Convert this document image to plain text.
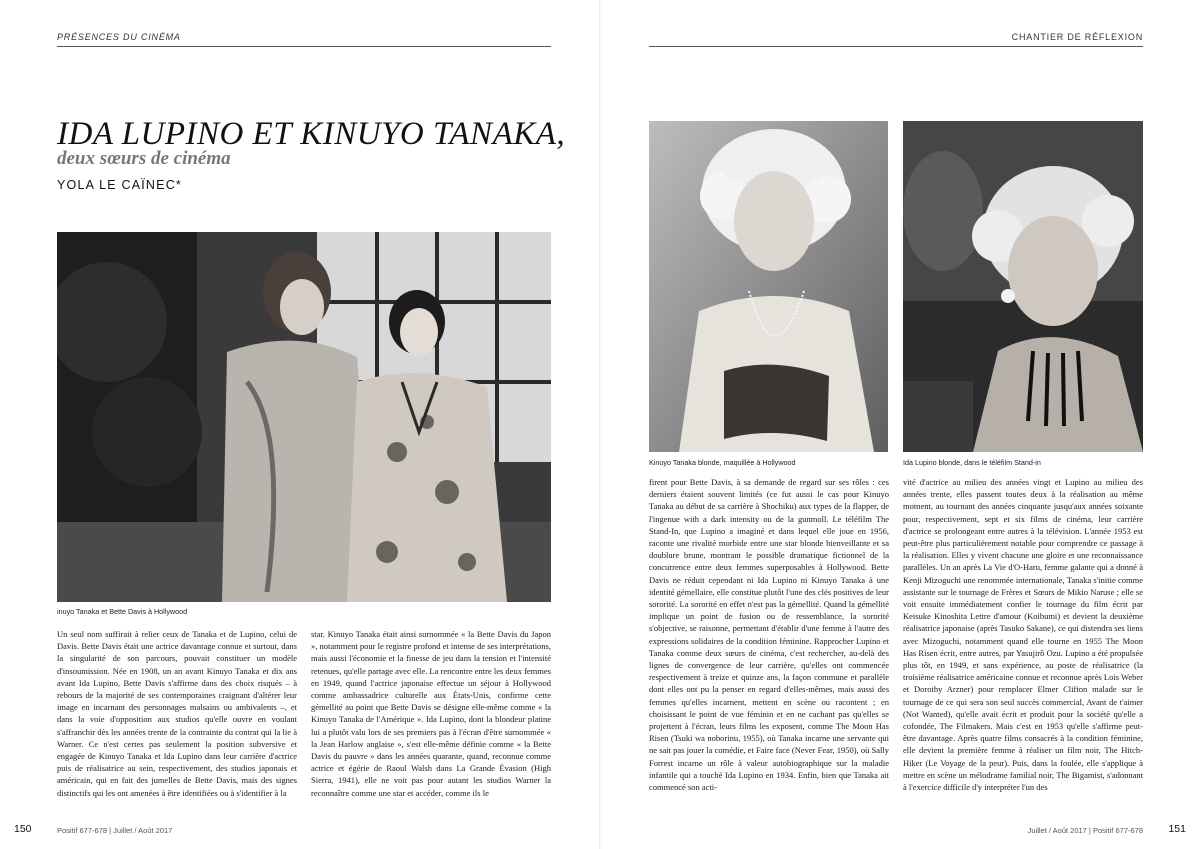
PRÉSENCES DU CINÉMA
IDA LUPINO ET KINUYO TANAKA,
deux sœurs de cinéma
YOLA LE CAÏNEC*
inuyo Tanaka et Bette Davis à Hollywood

Un seul nom suffirait à relier ceux de Tanaka et de Lupino, celui de Davis. Bette Davis était une actrice davantage connue et surtout, dans la singularité de son parcours, pouvait constituer un modèle d'insoumission. Née en 1908, un an avant Kinuyo Tanaka et dix ans avant Ida Lupino, Bette Davis s'affirme dans des choix risqués – à rebours de la majorité de ses contemporaines craignant d'altérer leur image en incarnant des personnages malsains ou ambivalents –, et dans la voie d'opposition aux studios qu'elle ouvre en voulant s'affranchir dès les années trente de la contrainte du contrat qui la lie à Warner. Ce n'est certes pas seulement la position subversive et engagée de Kinuyo Tanaka et Ida Lupino dans leur carrière d'actrice puis de réalisatrice au sein, respectivement, des studios japonais et américain, qui en fait des jumelles de Bette Davis, mais des signes distinctifs qui les ont amenées à être identifiées ou à s'identifier à la

star. Kinuyo Tanaka était ainsi surnommée « la Bette Davis du Japon », notamment pour le registre profond et intense de ses interprétations, mais aussi l'économie et la finesse de jeu dans la tension et l'intensité retenues, qu'elle partage avec elle. La rencontre entre les deux femmes en 1949, quand l'actrice japonaise effectue un séjour à Hollywood comme ambassadrice culturelle aux États-Unis, confirme cette gémellité au point que Bette Davis se désigne elle-même comme « la Kinuyo Tanaka de l'Amérique ». Ida Lupino, dont la blondeur platine lui a plutôt valu lors de ses premiers pas à l'écran d'être surnommée « la Jean Harlow anglaise », s'est elle-même définie comme « la Bette Davis du pauvre » dans les années quarante, quand, reconnue comme actrice et égérie de Raoul Walsh dans La Grande Évasion (High Sierra, 1941), elle ne voit pas pour autant les studios Warner la reconnaître comme une star et accéder, comme ils le

150	Positif 677-678 | Juillet / Août 2017
CHANTIER DE RÉFLEXION
Kinuyo Tanaka blonde, maquillée à Hollywood	Ida Lupino blonde, dans le téléfilm Stand-in

firent pour Bette Davis, à sa demande de regard sur ses rôles : ces derniers étaient souvent limités (ce fut aussi le cas pour Kinuyo Tanaka au début de sa carrière à Shochiku) aux types de la flapper, de l'ingenue with a dark intensity ou de la gunmoll. Le téléfilm The Stand-In, que Lupino a imaginé et dans lequel elle joue en 1956, raconte une rivalité morbide entre une star blonde bienveillante et sa doublure brune, montrant le possible dramatique fictionnel de la concurrence entre deux femmes superposables à Hollywood. Bette Davis ne réduit cependant ni Ida Lupino ni Kinuyo Tanaka à une identité gémellaire, elle constitue plutôt l'une des clés positives de leur sororité. La sororité en effet n'est pas la gémellité. Quand la gémellité implique un point de fusion ou de ressemblance, la sororité s'objective, se raisonne, permettant d'établir d'une femme à l'autre des expressions solidaires de la condition féminine. Rapprocher Lupino et Tanaka comme deux sœurs de cinéma, c'est rechercher, au-delà des lignes de convergence de leur carrière, qu'elles ont commencée respectivement à treize et quinze ans, la façon commune et parallèle dont elles ont pu la penser en regard d'elles-mêmes, mais aussi des femmes qu'elles incarnent, mettent en scène ou racontent ; en choisissant le point de vue féminin et en ne cachant pas qu'elles se projettent à l'écran, leurs films les exposent, comme The Moon Has Risen (Tsuki wa noborinu, 1955), où Tanaka incarne une servante qui ne sait pas jouer la comédie, et Faire face (Never Fear, 1950), où Sally Forrest incarne un rôle à valeur autobiographique sur la maladie infantile qui a touché Ida Lupino en 1934. Enfin, bien que Tanaka ait commencé son acti-

vité d'actrice au milieu des années vingt et Lupino au milieu des années trente, elles passent toutes deux à la réalisation au même moment, au tournant des années cinquante jusqu'aux années soixante pour, respectivement, sept et six films de cinéma, leur carrière d'actrice se prolongeant entre autres à la télévision. L'année 1953 est peut-être plus particulièrement notable pour comprendre ce passage à la réalisation. Elles y vivent chacune une gloire et une reconnaissance parallèles. Un an après La Vie d'O-Haru, femme galante qui a donné à Kenji Mizoguchi une renommée internationale, Tanaka s'initie comme assistante sur le tournage de Frères et Sœurs de Mikio Naruse ; elle se voit ensuite immédiatement confier le tournage du film écrit par Keisuke Kinoshita Lettre d'amour (Koibumi) et devient la deuxième réalisatrice japonaise (après Tasuko Sakane), ce qui distendra ses liens avec Mizoguchi, notamment quand elle tourne en 1955 The Moon Has Risen écrit, entre autres, par Yasujirô Ozu. Lupino a été propulsée plus tôt, en 1949, et sans expérience, au poste de réalisatrice (la troisième réalisatrice américaine connue et reconnue après Lois Weber et Dorothy Arzner) pour remplacer Elmer Clifton malade sur le tournage de ce qui sera son seul succès commercial, Avant de t'aimer (Not Wanted), qu'elle avait écrit et produit pour la société qu'elle a cofondée, The Filmakers. Mais c'est en 1953 qu'elle s'affirme peut-être davantage. Après quatre films consacrés à la condition féminine, elle devient la première femme à réaliser un film noir, The Hitch-Hiker (Le Voyage de la peur). Puis, dans la foulée, elle s'applique à mettre en scène un mélodrame familial noir, The Bigamist, s'adonnant à l'exercice difficile d'y interpréter l'un des

Juillet / Août 2017 | Positif 677-678 151
